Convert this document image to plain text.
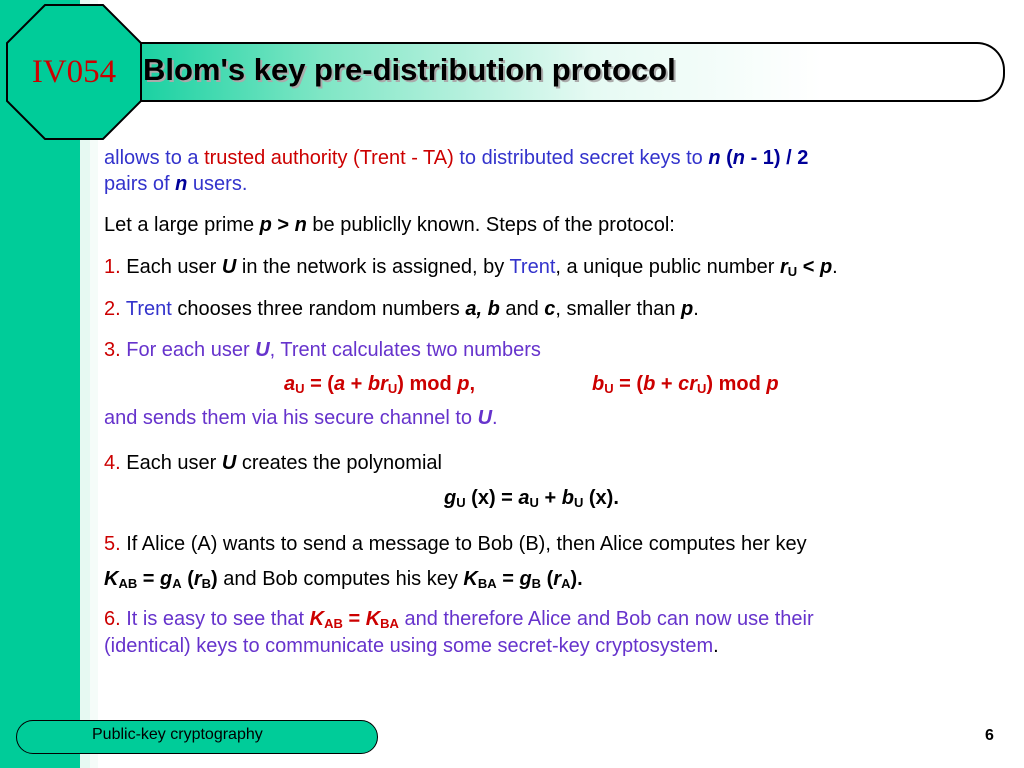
IV054 Blom's key pre-distribution protocol
allows to a trusted authority (Trent - TA) to distributed secret keys to n (n - 1) / 2
pairs of n users.
Let a large prime p > n be publiclly known. Steps of the protocol:
1. Each user U in the network is assigned, by Trent, a unique public number $r_U < p$.
2. Trent chooses three random numbers a, b and c, smaller than p.
3. For each user U, Trent calculates two numbers
$a_U = (a + br_U)$ mod p,	$b_U = (b + cr_U)$ mod p
and sends them via his secure channel to U.
4. Each user U creates the polynomial
$g_U$ $(x) = a_U + b_U$ (x).
5. If Alice (A) wants to send a message to Bob (B), then Alice computes her key
$K_{AB} = g_A$ $(r_B)$ and Bob computes his key $K_{BA} = g_B$ $(r_A)$.
6. It is easy to see that $K_{AB} = K_{BA}$ and therefore Alice and Bob can now use their
(identical) keys to communicate using some secret-key cryptosystem.
Public-key cryptography	6
